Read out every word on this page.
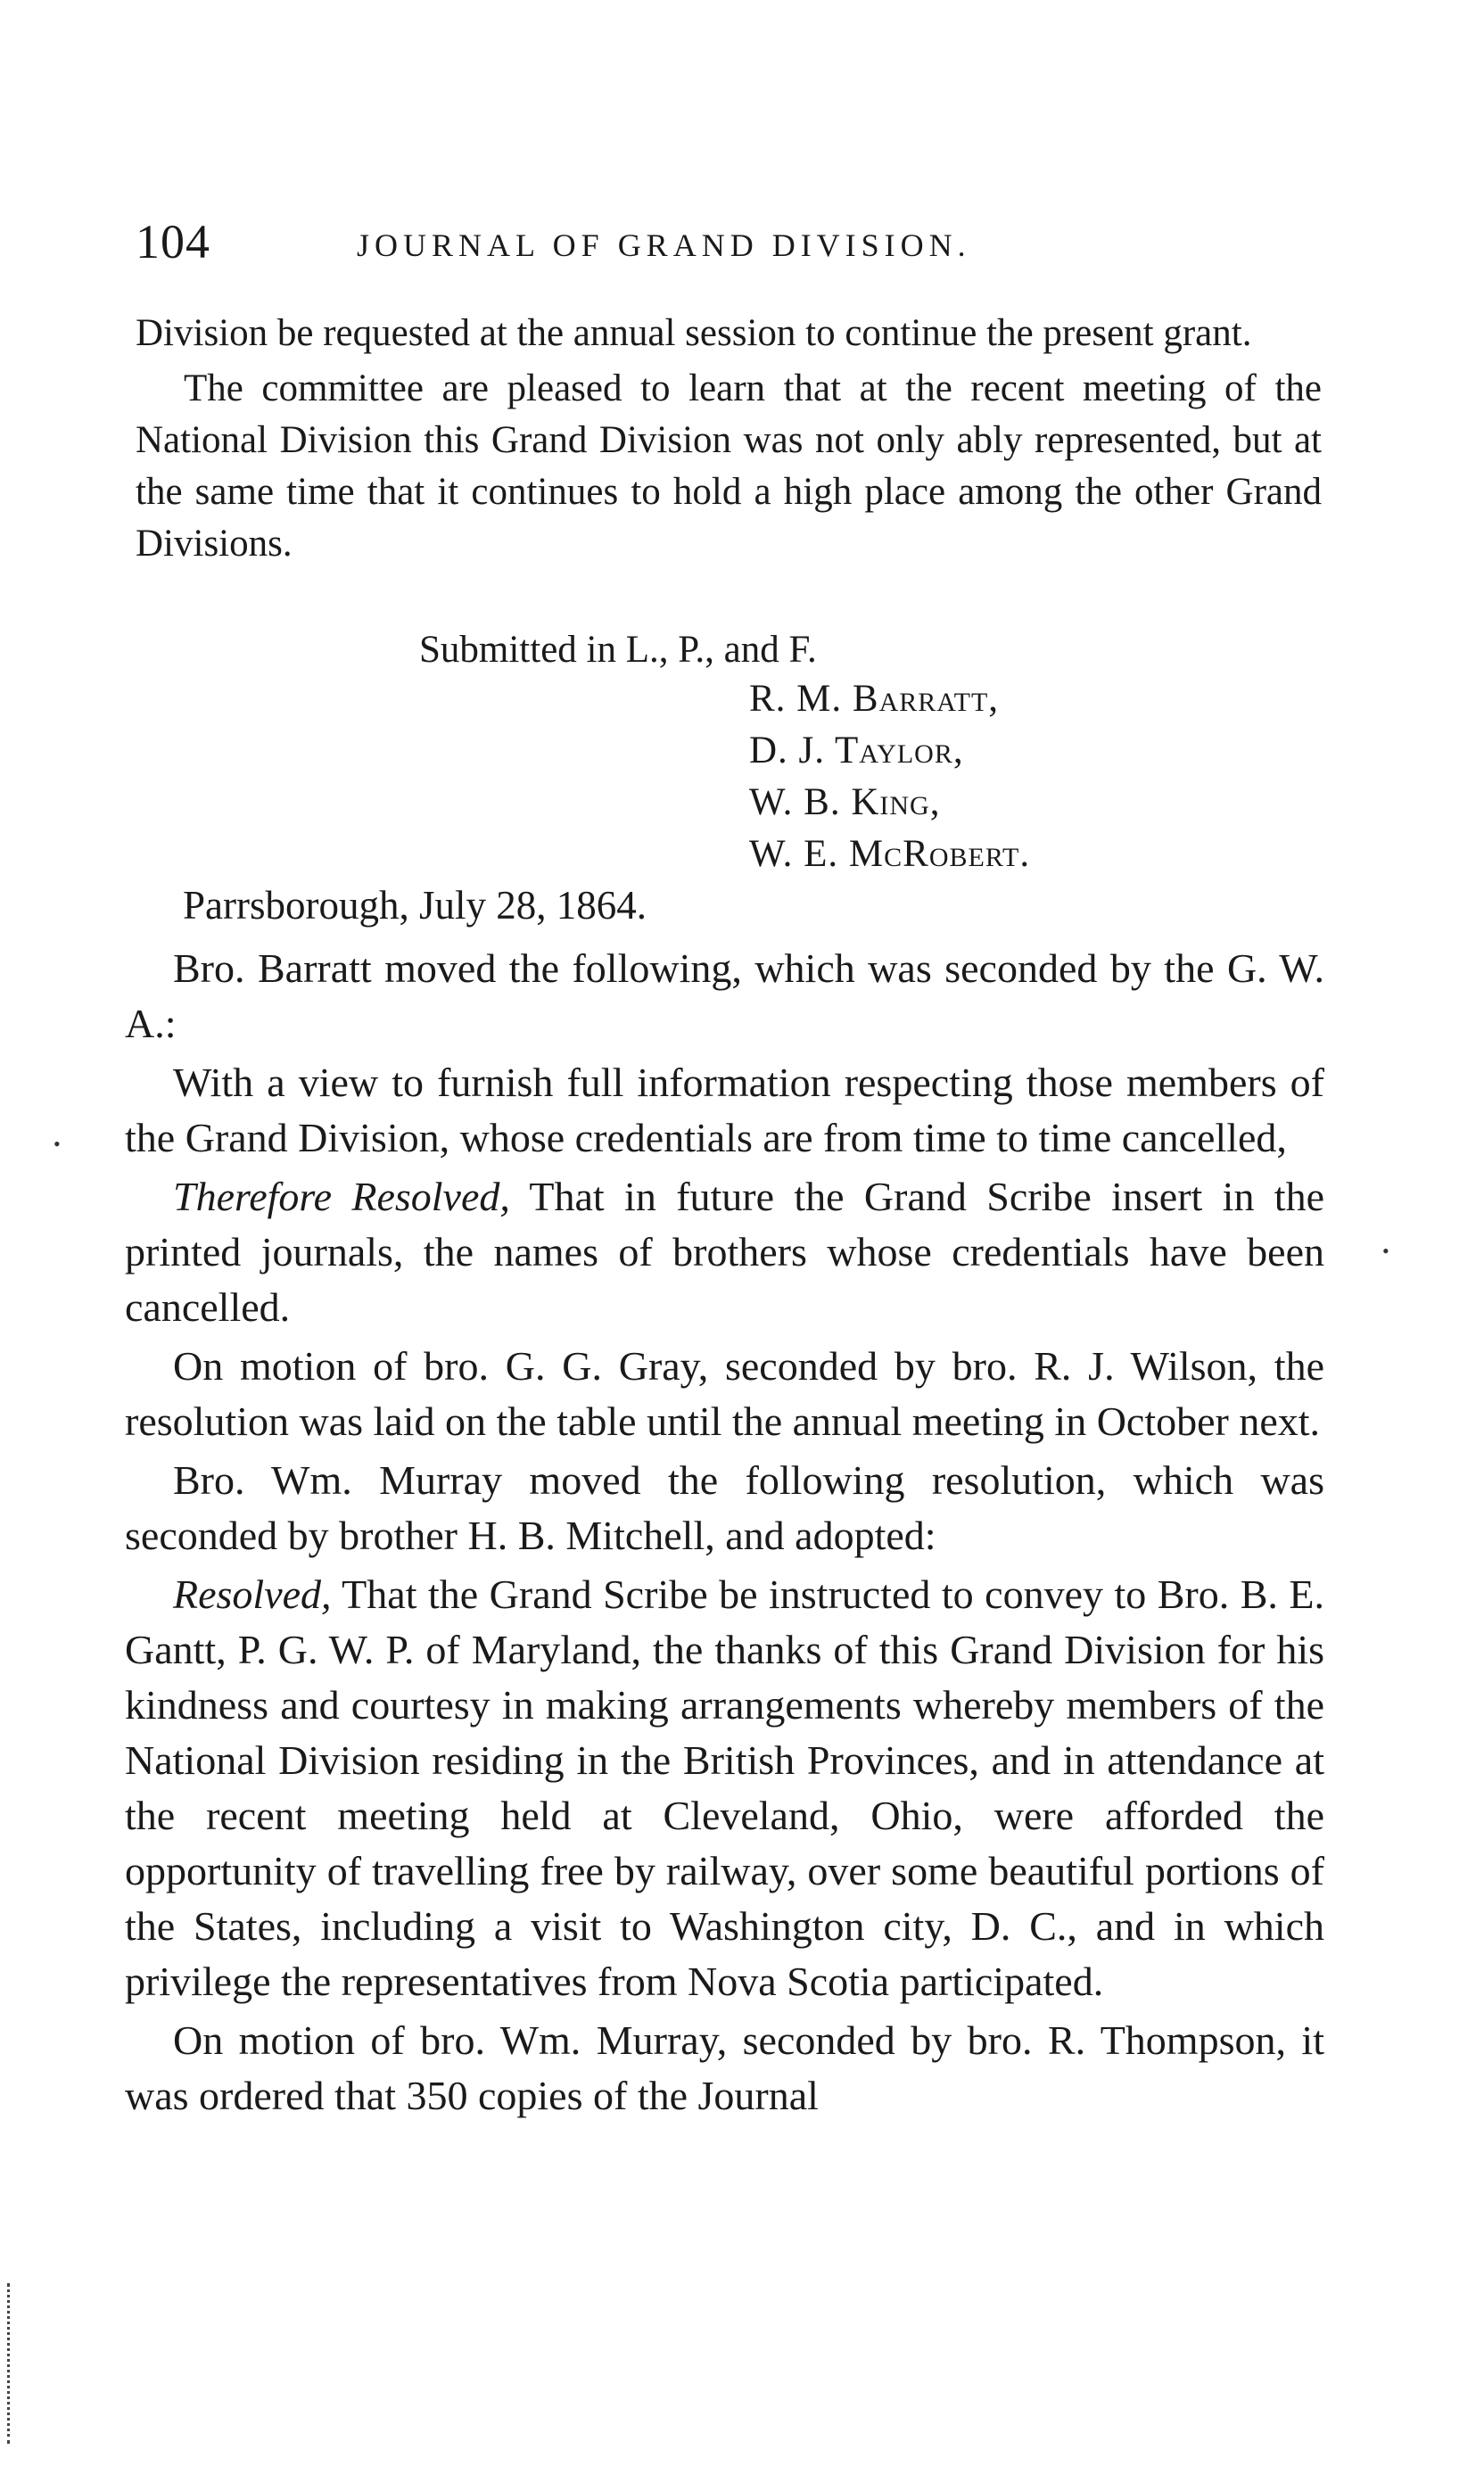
104	JOURNAL OF GRAND DIVISION.

Division be requested at the annual session to continue the present grant.

The committee are pleased to learn that at the recent meeting of the National Division this Grand Division was not only ably represented, but at the same time that it continues to hold a high place among the other Grand Divisions.

Submitted in L., P., and F.
R. M. Barratt,
D. J. Taylor,
W. B. King,
W. E. McRobert.
Parrsborough, July 28, 1864.

Bro. Barratt moved the following, which was seconded by the G. W. A.:

With a view to furnish full information respecting those members of the Grand Division, whose credentials are from time to time cancelled,

Therefore Resolved, That in future the Grand Scribe insert in the printed journals, the names of brothers whose credentials have been cancelled.

On motion of bro. G. G. Gray, seconded by bro. R. J. Wilson, the resolution was laid on the table until the annual meeting in October next.

Bro. Wm. Murray moved the following resolution, which was seconded by brother H. B. Mitchell, and adopted:

Resolved, That the Grand Scribe be instructed to convey to Bro. B. E. Gantt, P. G. W. P. of Maryland, the thanks of this Grand Division for his kindness and courtesy in making arrangements whereby members of the National Division residing in the British Provinces, and in attendance at the recent meeting held at Cleveland, Ohio, were afforded the opportunity of travelling free by railway, over some beautiful portions of the States, including a visit to Washington city, D. C., and in which privilege the representatives from Nova Scotia participated.

On motion of bro. Wm. Murray, seconded by bro. R. Thompson, it was ordered that 350 copies of the Journal

•
•
